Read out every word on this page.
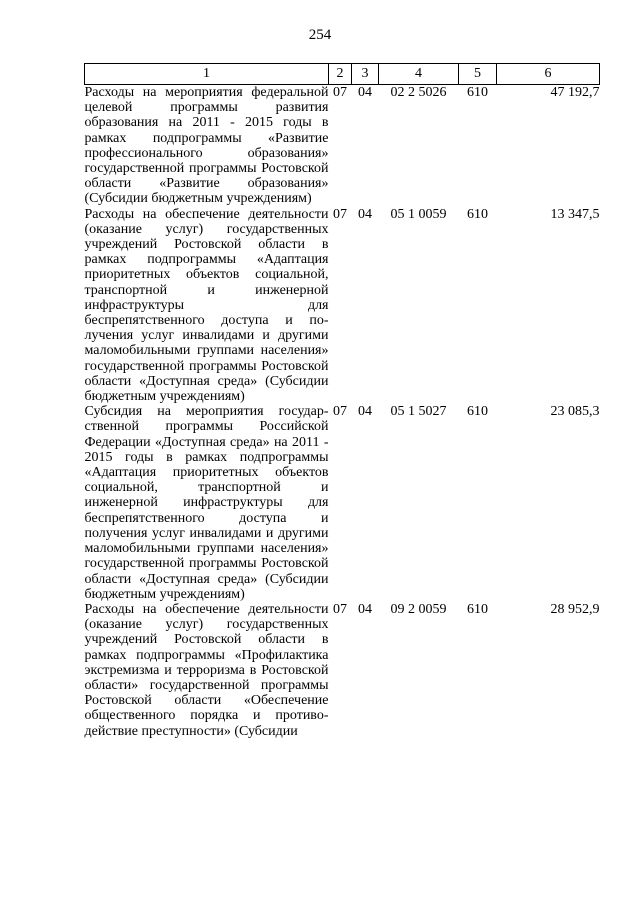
254
1	2	3	4	5	6
Расходы на мероприятия федеральной целевой программы развития образования на 2011 - 2015 годы в рамках подпрограммы «Развитие профессионального образования» государственной программы Ростовской области «Развитие образования» (Субсидии бюджетным учреждениям)	07	04	02 2 5026	610	47 192,7
Расходы на обеспечение деятельности (оказание услуг) государственных учреждений Ростовской области в рамках подпрограммы «Адаптация приоритетных объектов социальной, транспортной и инженерной инфраструктуры для беспрепятственного доступа и получения услуг инвалидами и другими маломобильными группами населения» государственной программы Ростовской области «Доступная среда» (Субсидии бюджетным учреждениям)	07	04	05 1 0059	610	13 347,5
Субсидия на мероприятия государственной программы Российской Федерации «Доступная среда» на 2011 - 2015 годы в рамках подпрограммы «Адаптация приоритетных объектов социальной, транспортной и инженерной инфраструктуры для беспрепятственного доступа и получения услуг инвалидами и другими маломобильными группами населения» государственной программы Ростовской области «Доступная среда» (Субсидии бюджетным учреждениям)	07	04	05 1 5027	610	23 085,3
Расходы на обеспечение деятельности (оказание услуг) государственных учреждений Ростовской области в рамках подпрограммы «Профилактика экстремизма и терроризма в Ростовской области» государственной программы Ростовской области «Обеспечение общественного порядка и противодействие преступности» (Субсидии	07	04	09 2 0059	610	28 952,9
